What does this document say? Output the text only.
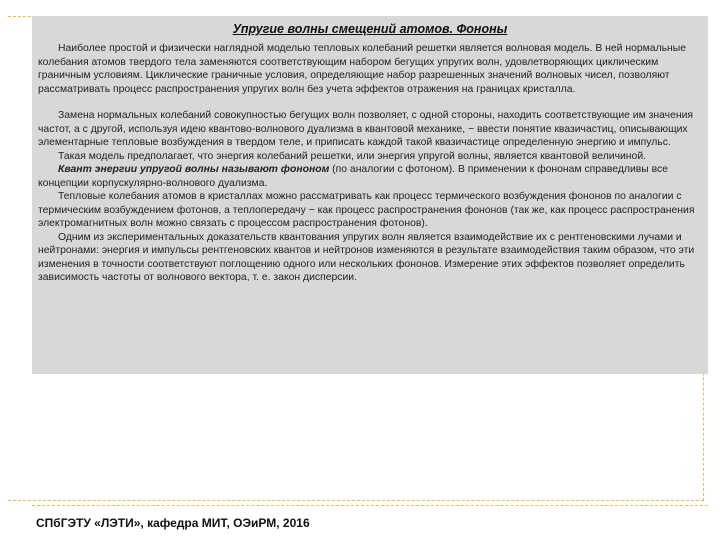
Упругие волны смещений атомов. Фононы

Наиболее простой и физически наглядной моделью тепловых колебаний решетки является волновая модель. В ней нормальные колебания атомов твердого тела заменяются соответствующим набором бегущих упругих волн, удовлетворяющих циклическим граничным условиям. Циклические граничные условия, определяющие набор разрешенных значений волновых чисел, позволяют рассматривать процесс распространения упругих волн без учета эффектов отражения на границах кристалла.

Замена нормальных колебаний совокупностью бегущих волн позволяет, с одной стороны, находить соответствующие им значения частот, а с другой, используя идею квантово-волнового дуализма в квантовой механике, − ввести понятие квазичастиц, описывающих элементарные тепловые возбуждения в твердом теле, и приписать каждой такой квазичастице определенную энергию и импульс.

Такая модель предполагает, что энергия колебаний решетки, или энергия упругой волны, является квантовой величиной.

Квант энергии упругой волны называют фононом (по аналогии с фотоном). В применении к фононам справедливы все концепции корпускулярно-волнового дуализма.

Тепловые колебания атомов в кристаллах можно рассматривать как процесс термического возбуждения фононов по аналогии с термическим возбуждением фотонов, а теплопередачу − как процесс распространения фононов (так же, как процесс распространения электромагнитных волн можно связать с процессом распространения фотонов).

Одним из экспериментальных доказательств квантования упругих волн является взаимодействие их с рентгеновскими лучами и нейтронами: энергия и импульсы рентгеновских квантов и нейтронов изменяются в результате взаимодействия таким образом, что эти изменения в точности соответствуют поглощению одного или нескольких фононов. Измерение этих эффектов позволяет определить зависимость частоты от волнового вектора, т. е. закон дисперсии.

СПбГЭТУ «ЛЭТИ», кафедра МИТ, ОЭиРМ, 2016
